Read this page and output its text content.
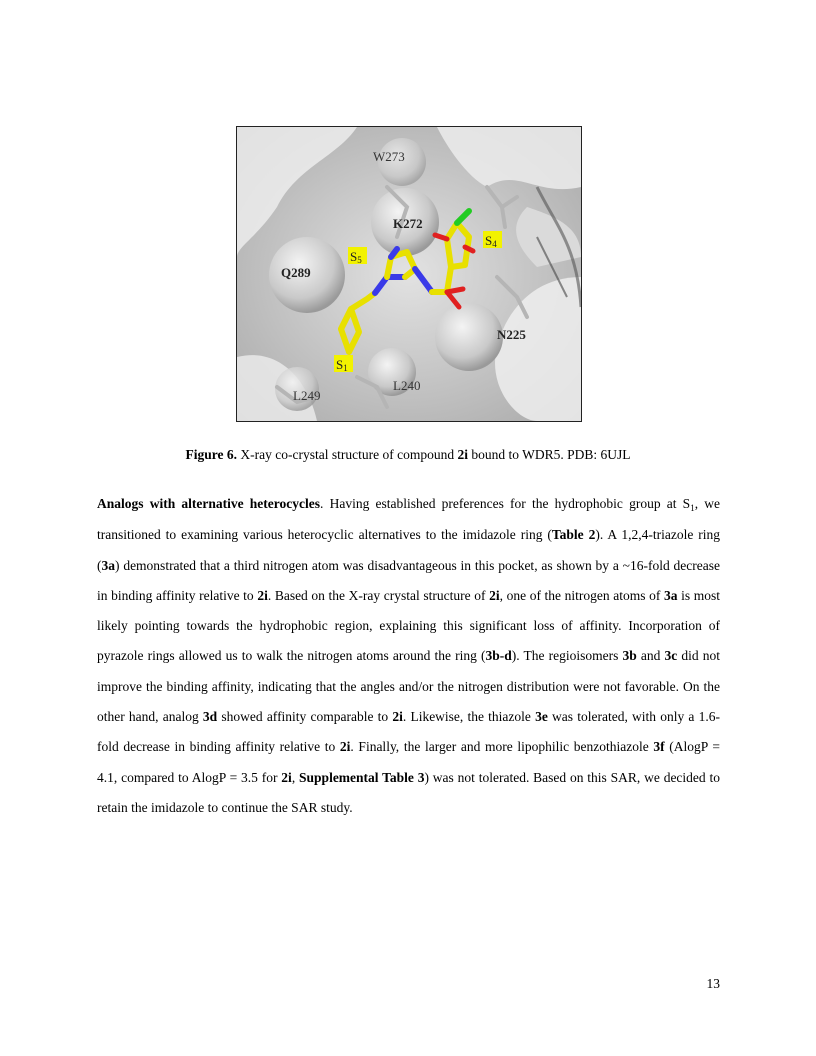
W273
K272
Q289
N225
L249
L240
S5
S4
S1
Figure 6. X-ray co-crystal structure of compound 2i bound to WDR5. PDB: 6UJL

Analogs with alternative heterocycles. Having established preferences for the hydrophobic group at $S_1$, we transitioned to examining various heterocyclic alternatives to the imidazole ring (Table 2). A 1,2,4-triazole ring (3a) demonstrated that a third nitrogen atom was disadvantageous in this pocket, as shown by a ~16-fold decrease in binding affinity relative to 2i. Based on the X-ray crystal structure of 2i, one of the nitrogen atoms of 3a is most likely pointing towards the hydrophobic region, explaining this significant loss of affinity. Incorporation of pyrazole rings allowed us to walk the nitrogen atoms around the ring (3b-d). The regioisomers 3b and 3c did not improve the binding affinity, indicating that the angles and/or the nitrogen distribution were not favorable. On the other hand, analog 3d showed affinity comparable to 2i. Likewise, the thiazole 3e was tolerated, with only a 1.6-fold decrease in binding affinity relative to 2i. Finally, the larger and more lipophilic benzothiazole 3f (AlogP = 4.1, compared to AlogP = 3.5 for 2i, Supplemental Table 3) was not tolerated. Based on this SAR, we decided to retain the imidazole to continue the SAR study.

13
